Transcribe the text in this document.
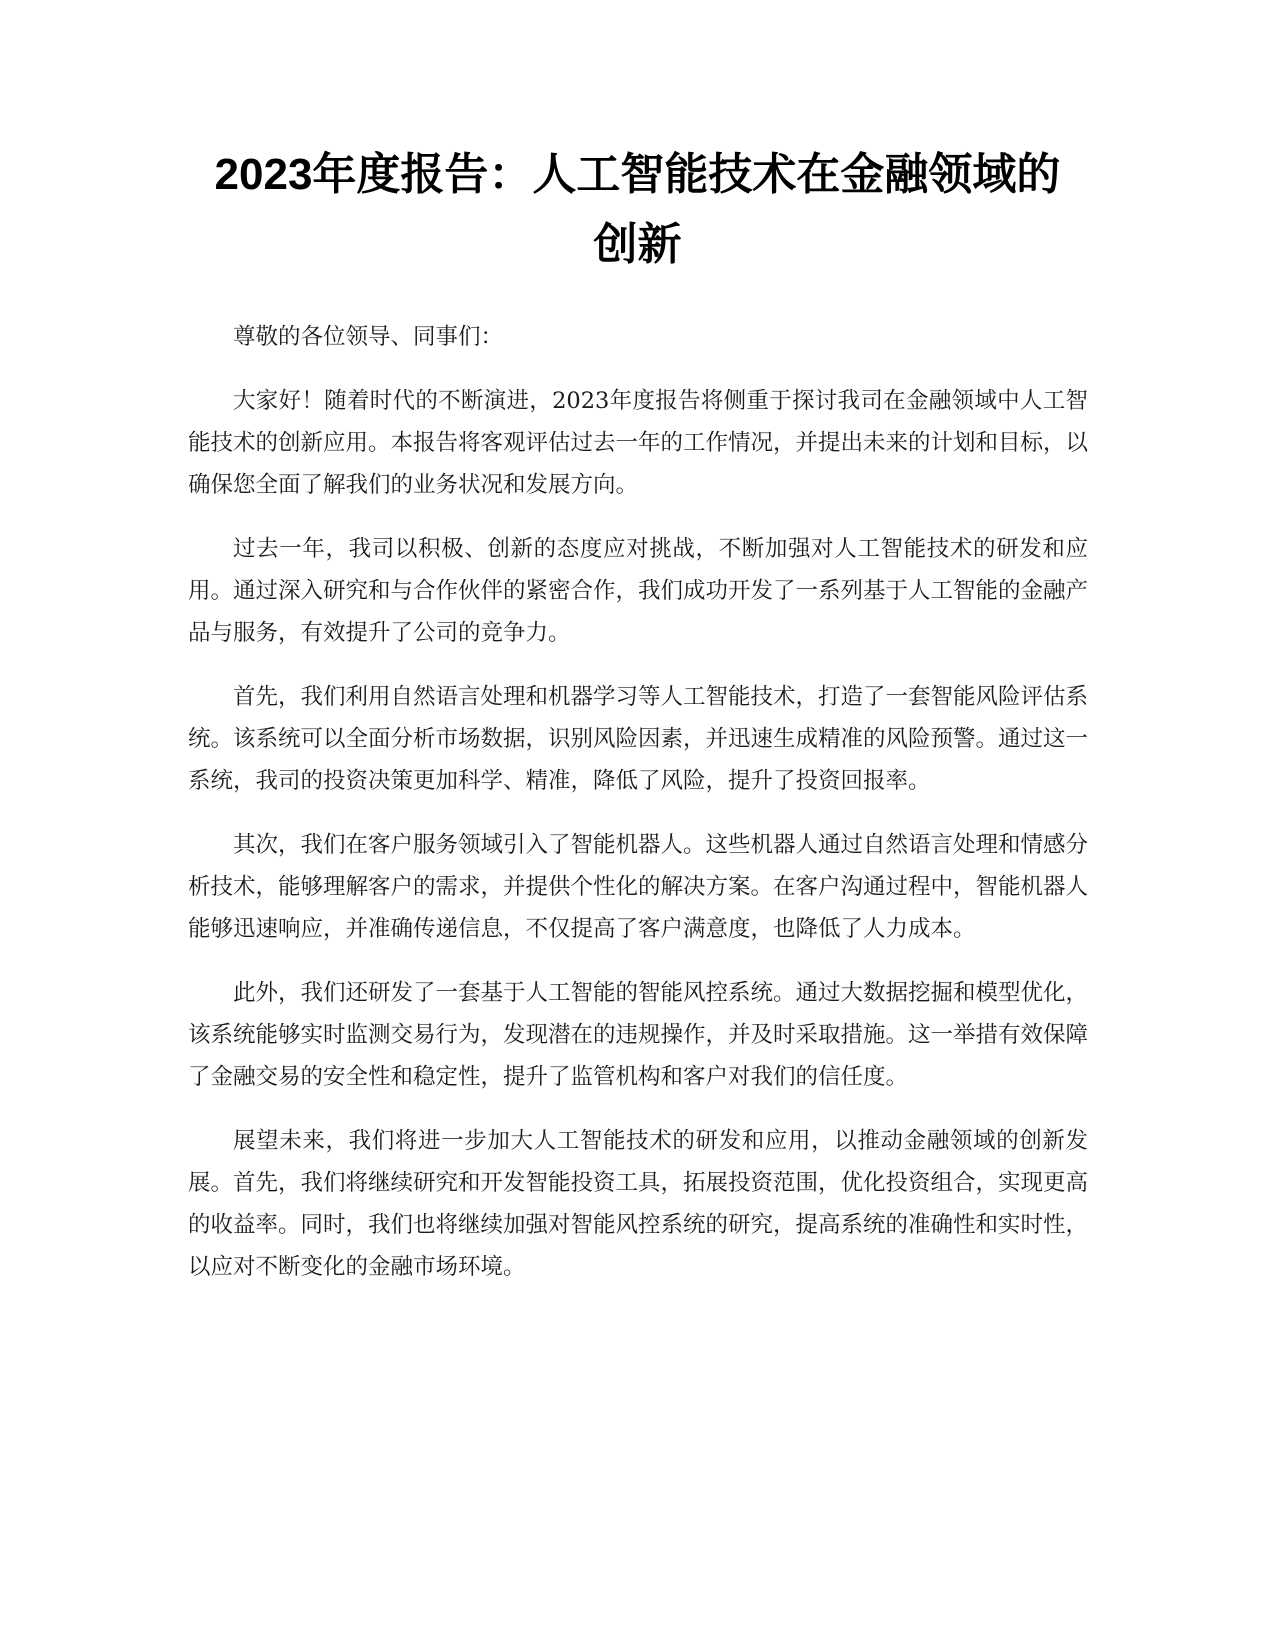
2023年度报告：人工智能技术在金融领域的
创新

尊敬的各位领导、同事们：

大家好！随着时代的不断演进，2023年度报告将侧重于探讨我司在金融领域中人工智能技术的创新应用。本报告将客观评估过去一年的工作情况，并提出未来的计划和目标，以确保您全面了解我们的业务状况和发展方向。

过去一年，我司以积极、创新的态度应对挑战，不断加强对人工智能技术的研发和应用。通过深入研究和与合作伙伴的紧密合作，我们成功开发了一系列基于人工智能的金融产品与服务，有效提升了公司的竞争力。

首先，我们利用自然语言处理和机器学习等人工智能技术，打造了一套智能风险评估系统。该系统可以全面分析市场数据，识别风险因素，并迅速生成精准的风险预警。通过这一系统，我司的投资决策更加科学、精准，降低了风险，提升了投资回报率。

其次，我们在客户服务领域引入了智能机器人。这些机器人通过自然语言处理和情感分析技术，能够理解客户的需求，并提供个性化的解决方案。在客户沟通过程中，智能机器人能够迅速响应，并准确传递信息，不仅提高了客户满意度，也降低了人力成本。

此外，我们还研发了一套基于人工智能的智能风控系统。通过大数据挖掘和模型优化，该系统能够实时监测交易行为，发现潜在的违规操作，并及时采取措施。这一举措有效保障了金融交易的安全性和稳定性，提升了监管机构和客户对我们的信任度。

展望未来，我们将进一步加大人工智能技术的研发和应用，以推动金融领域的创新发展。首先，我们将继续研究和开发智能投资工具，拓展投资范围，优化投资组合，实现更高的收益率。同时，我们也将继续加强对智能风控系统的研究，提高系统的准确性和实时性，以应对不断变化的金融市场环境。
